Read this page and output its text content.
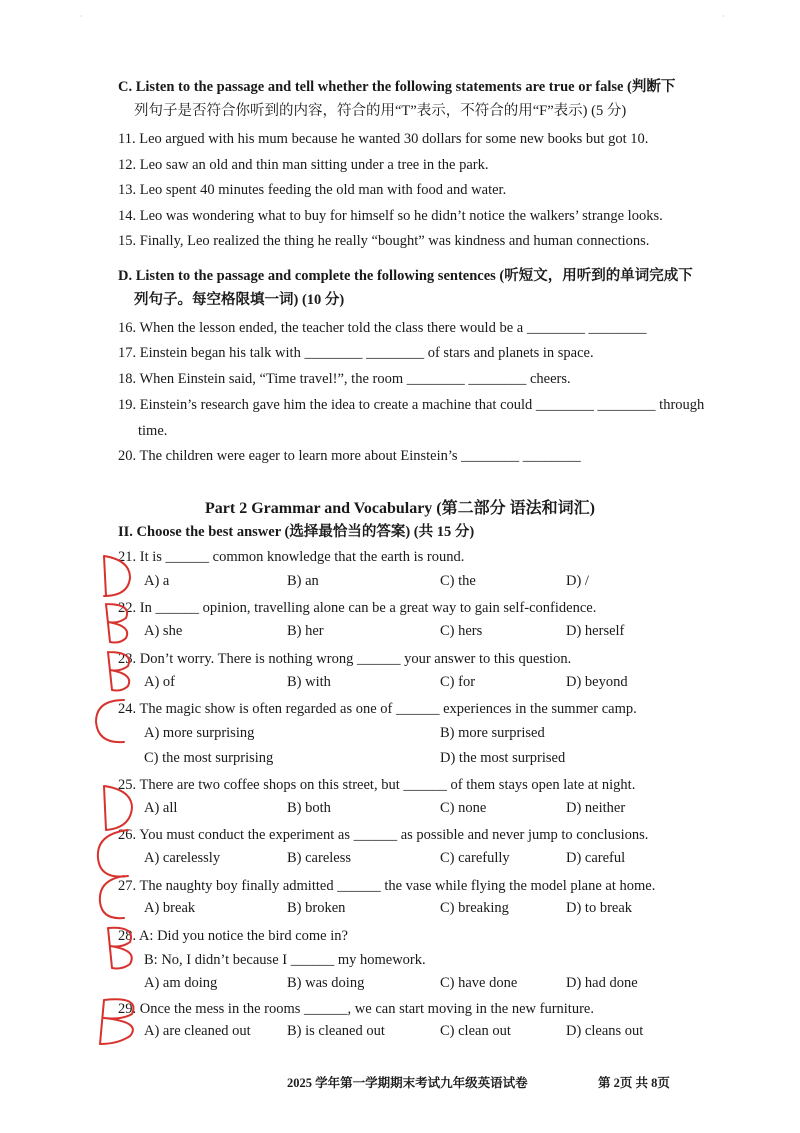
C. Listen to the passage and tell whether the following statements are true or false (判断下
列句子是否符合你听到的内容，符合的用“T”表示，不符合的用“F”表示) (5 分)
11. Leo argued with his mum because he wanted 30 dollars for some new books but got 10.
12. Leo saw an old and thin man sitting under a tree in the park.
13. Leo spent 40 minutes feeding the old man with food and water.
14. Leo was wondering what to buy for himself so he didn’t notice the walkers’ strange looks.
15. Finally, Leo realized the thing he really “bought” was kindness and human connections.
D. Listen to the passage and complete the following sentences (听短文，用听到的单词完成下
列句子。每空格限填一词) (10 分)
16. When the lesson ended, the teacher told the class there would be a ________ ________
17. Einstein began his talk with ________ ________ of stars and planets in space.
18. When Einstein said, “Time travel!”, the room ________ ________ cheers.
19. Einstein’s research gave him the idea to create a machine that could ________ ________ through
time.
20. The children were eager to learn more about Einstein’s ________ ________
Part 2 Grammar and Vocabulary (第二部分 语法和词汇)
II. Choose the best answer (选择最恰当的答案) (共 15 分)
21. It is ______ common knowledge that the earth is round.
A) a	B) an	C) the	D) /
22. In ______ opinion, travelling alone can be a great way to gain self-confidence.
A) she	B) her	C) hers	D) herself
23. Don’t worry. There is nothing wrong ______ your answer to this question.
A) of	B) with	C) for	D) beyond
24. The magic show is often regarded as one of ______ experiences in the summer camp.
A) more surprising	B) more surprised
C) the most surprising	D) the most surprised
25. There are two coffee shops on this street, but ______ of them stays open late at night.
A) all	B) both	C) none	D) neither
26. You must conduct the experiment as ______ as possible and never jump to conclusions.
A) carelessly	B) careless	C) carefully	D) careful
27. The naughty boy finally admitted ______ the vase while flying the model plane at home.
A) break	B) broken	C) breaking	D) to break
28. A: Did you notice the bird come in?
B: No, I didn’t because I ______ my homework.
A) am doing	B) was doing	C) have done	D) had done
29. Once the mess in the rooms ______, we can start moving in the new furniture.
A) are cleaned out	B) is cleaned out	C) clean out	D) cleans out
2025 学年第一学期期末考试九年级英语试卷	第 2页 共 8页
·	·
